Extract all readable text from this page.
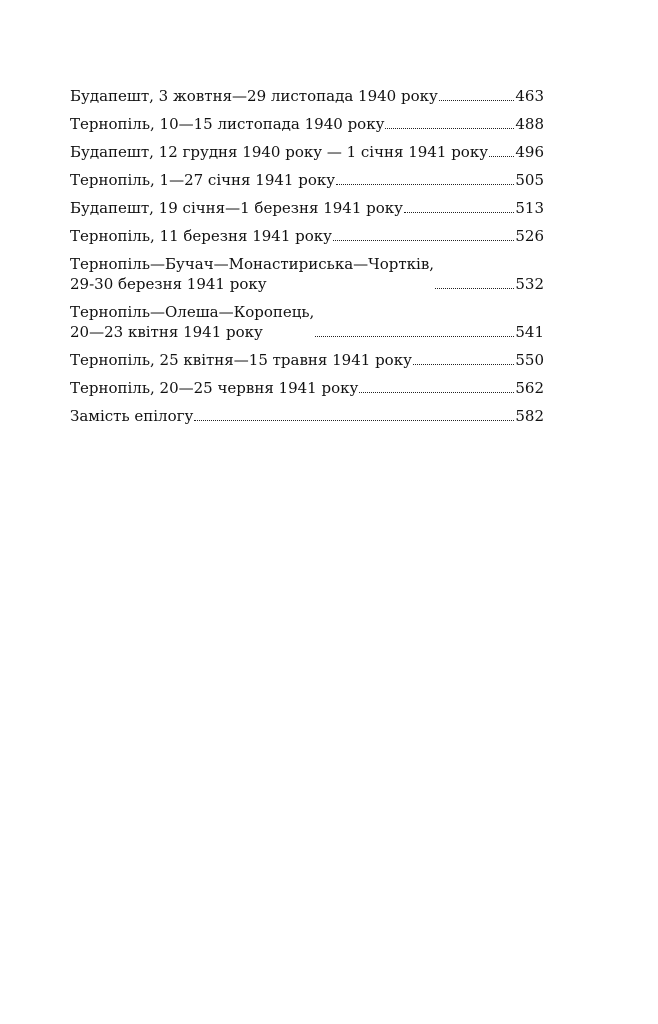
Будапешт, 3 жовтня—29 листопада 1940 року	463
Тернопіль, 10—15 листопада 1940 року	488
Будапешт, 12 грудня 1940 року — 1 січня 1941 року 496
Тернопіль, 1—27 січня 1941 року	505
Будапешт, 19 січня—1 березня 1941 року	513
Тернопіль, 11 березня 1941 року	526
Тернопіль—Бучач—Монастириська—Чортків,
29-30 березня 1941 року	532
Тернопіль—Олеша—Коропець,
20—23 квітня 1941 року	541
Тернопіль, 25 квітня—15 травня 1941 року	550
Тернопіль, 20—25 червня 1941 року	562
Замість епілогу	582
